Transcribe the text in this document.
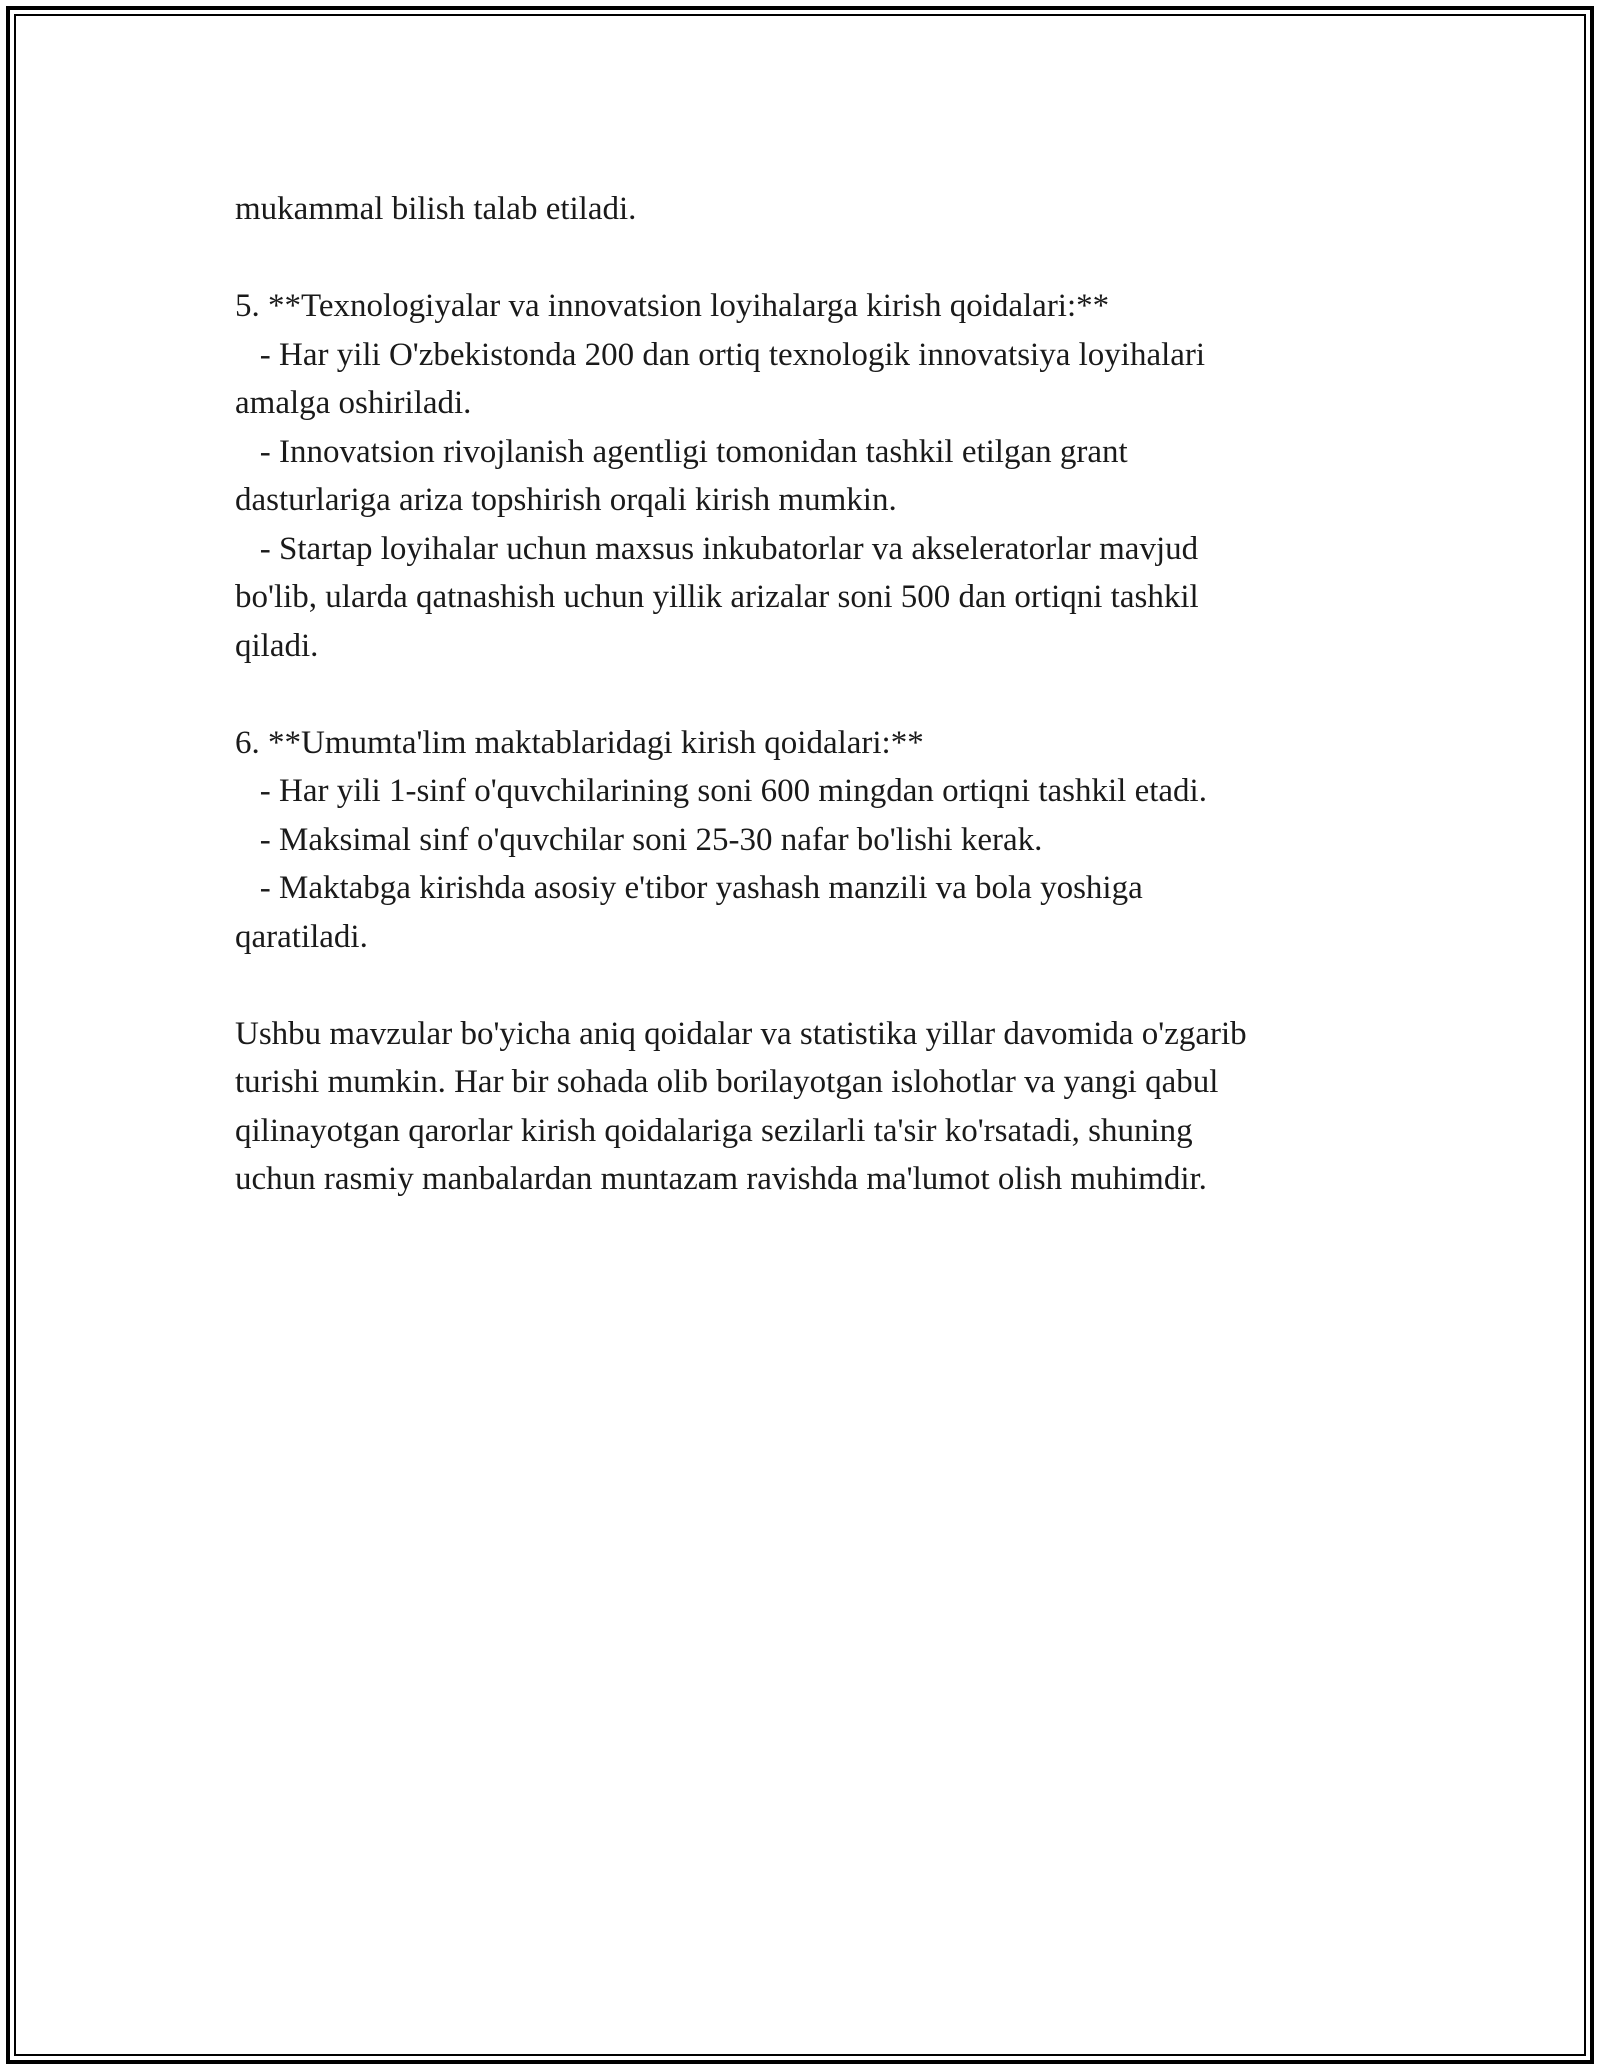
mukammal bilish talab etiladi.
5. **Texnologiyalar va innovatsion loyihalarga kirish qoidalari:**
- Har yili O'zbekistonda 200 dan ortiq texnologik innovatsiya loyihalari
amalga oshiriladi.
- Innovatsion rivojlanish agentligi tomonidan tashkil etilgan grant
dasturlariga ariza topshirish orqali kirish mumkin.
- Startap loyihalar uchun maxsus inkubatorlar va akseleratorlar mavjud
bo'lib, ularda qatnashish uchun yillik arizalar soni 500 dan ortiqni tashkil
qiladi.
6. **Umumta'lim maktablaridagi kirish qoidalari:**
- Har yili 1-sinf o'quvchilarining soni 600 mingdan ortiqni tashkil etadi.
- Maksimal sinf o'quvchilar soni 25-30 nafar bo'lishi kerak.
- Maktabga kirishda asosiy e'tibor yashash manzili va bola yoshiga
qaratiladi.
Ushbu mavzular bo'yicha aniq qoidalar va statistika yillar davomida o'zgarib
turishi mumkin. Har bir sohada olib borilayotgan islohotlar va yangi qabul
qilinayotgan qarorlar kirish qoidalariga sezilarli ta'sir ko'rsatadi, shuning
uchun rasmiy manbalardan muntazam ravishda ma'lumot olish muhimdir.
